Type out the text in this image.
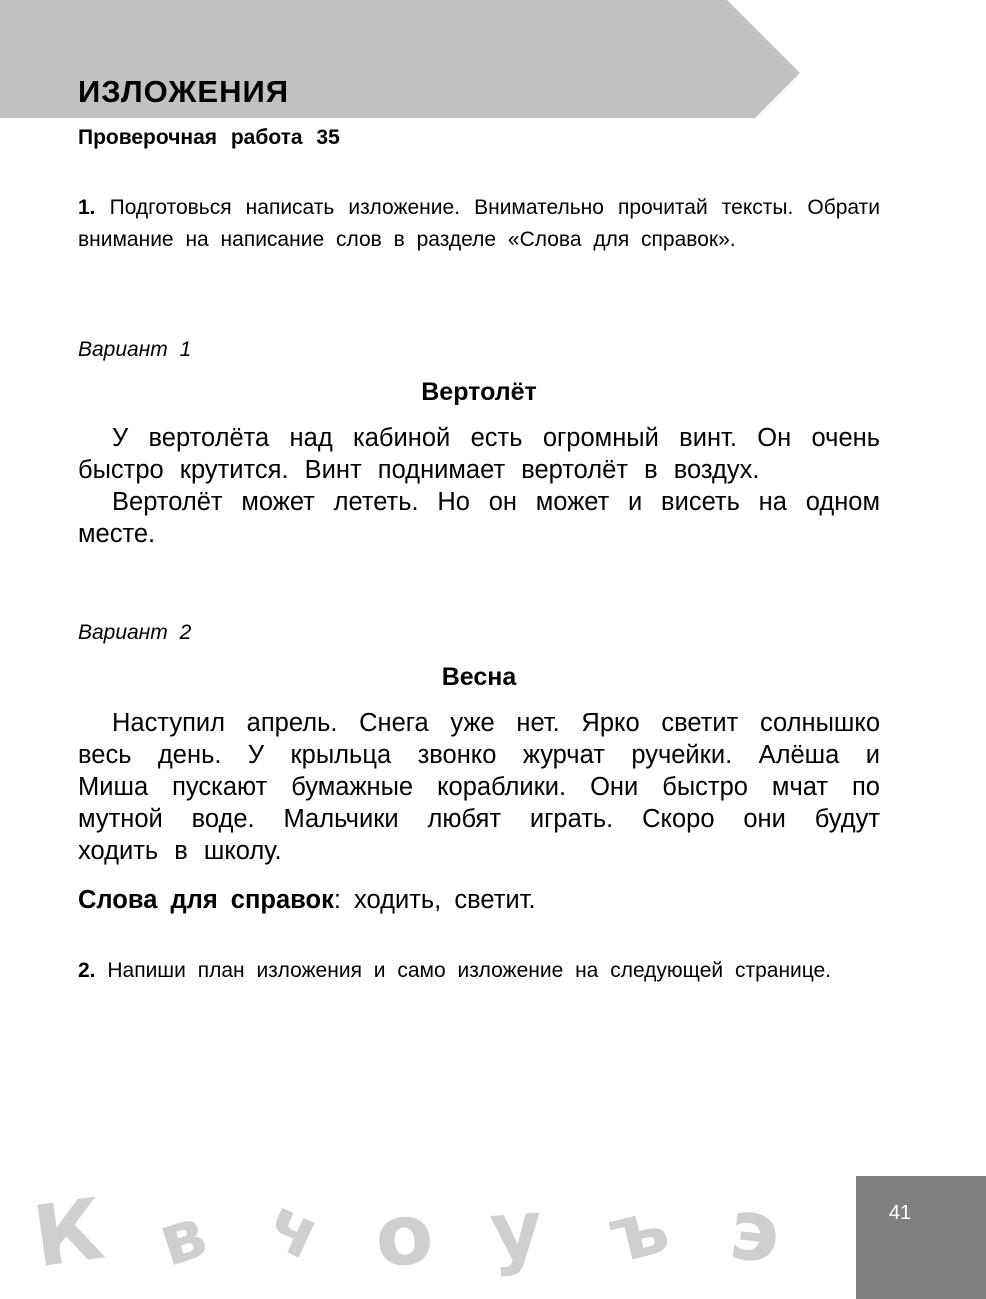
ИЗЛОЖЕНИЯ
Проверочная работа 35

1. Подготовься написать изложение. Внимательно прочитай тексты. Обрати внимание на написание слов в разделе «Слова для справок».

Вариант 1

Вертолёт

У вертолёта над кабиной есть огромный винт. Он очень быстро крутится. Винт поднимает вертолёт в воздух.

Вертолёт может лететь. Но он может и висеть на одном месте.

Вариант 2

Весна

Наступил апрель. Снега уже нет. Ярко светит солнышко весь день. У крыльца звонко журчат ручейки. Алёша и Миша пускают бумажные кораблики. Они быстро мчат по мутной воде. Мальчики любят играть. Скоро они будут ходить в школу.

Слова для справок: ходить, светит.

2. Напиши план изложения и само изложение на следующей странице.

К в ч о у ъ э	41
